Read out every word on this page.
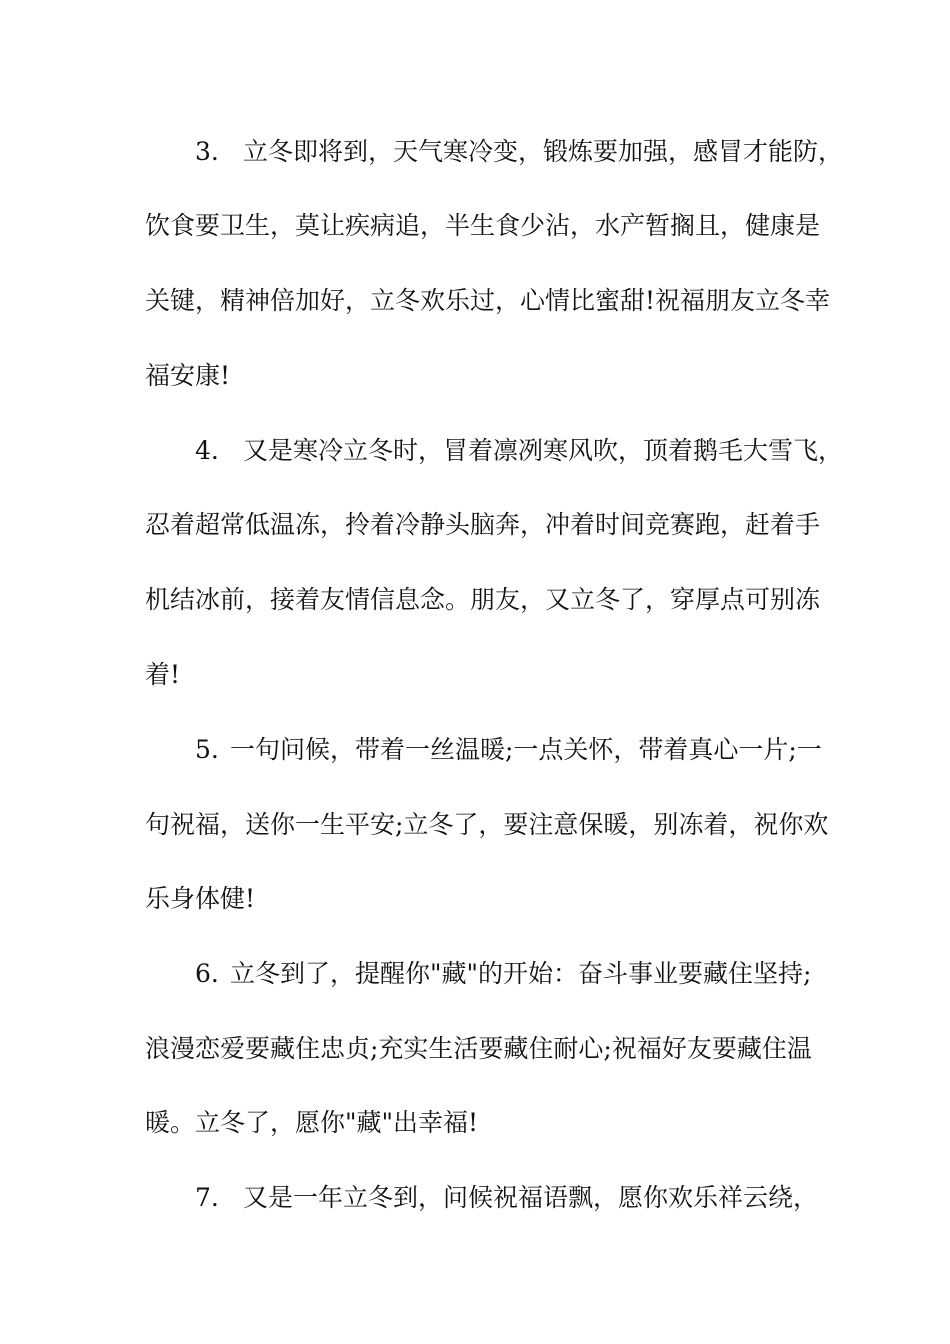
3. 立冬即将到，天气寒冷变，锻炼要加强，感冒才能防，
饮食要卫生，莫让疾病追，半生食少沾，水产暂搁且，健康是
关键，精神倍加好，立冬欢乐过，心情比蜜甜!祝福朋友立冬幸
福安康!
4. 又是寒冷立冬时，冒着凛冽寒风吹，顶着鹅毛大雪飞，
忍着超常低温冻，拎着冷静头脑奔，冲着时间竞赛跑，赶着手
机结冰前，接着友情信息念。朋友，又立冬了，穿厚点可别冻
着!
5. 一句问候，带着一丝温暖;一点关怀，带着真心一片;一
句祝福，送你一生平安;立冬了，要注意保暖，别冻着，祝你欢
乐身体健!
6. 立冬到了，提醒你"藏"的开始：奋斗事业要藏住坚持;
浪漫恋爱要藏住忠贞;充实生活要藏住耐心;祝福好友要藏住温
暖。立冬了，愿你"藏"出幸福!
7. 又是一年立冬到，问候祝福语飘，愿你欢乐祥云绕，
